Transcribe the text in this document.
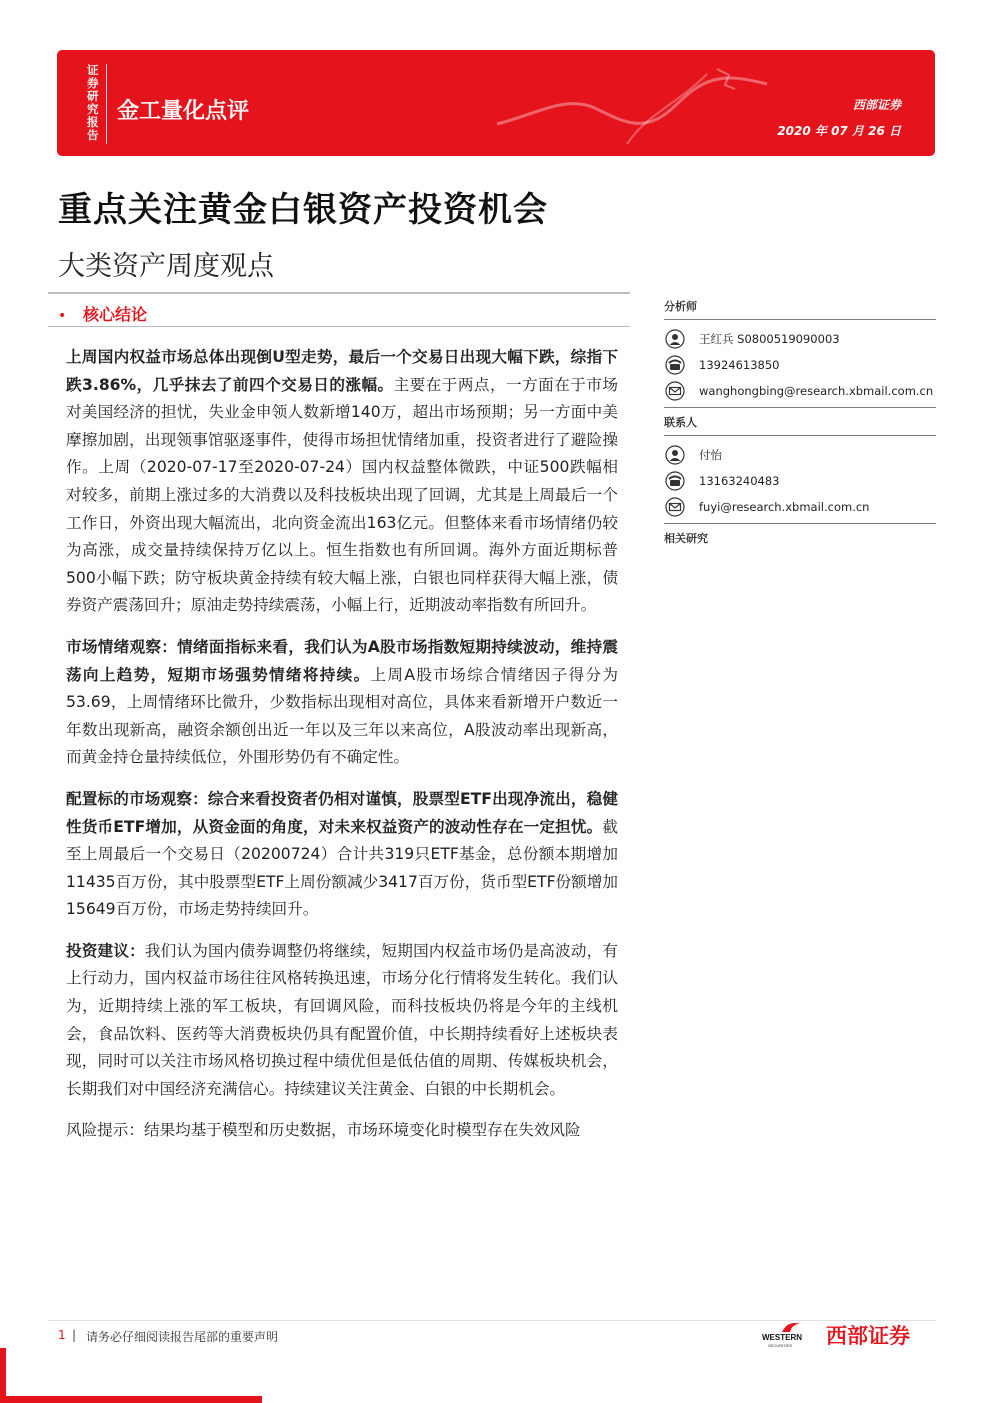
证券研究报告
金工量化点评	西部证券
2020 年 07 月 26 日
重点关注黄金白银资产投资机会
大类资产周度观点
• 核心结论

上周国内权益市场总体出现倒U型走势，最后一个交易日出现大幅下跌，综指下跌3.86%，几乎抹去了前四个交易日的涨幅。主要在于两点，一方面在于市场对美国经济的担忧，失业金申领人数新增140万，超出市场预期；另一方面中美摩擦加剧，出现领事馆驱逐事件，使得市场担忧情绪加重，投资者进行了避险操作。上周（2020-07-17至2020-07-24）国内权益整体微跌，中证500跌幅相对较多，前期上涨过多的大消费以及科技板块出现了回调，尤其是上周最后一个工作日，外资出现大幅流出，北向资金流出163亿元。但整体来看市场情绪仍较为高涨，成交量持续保持万亿以上。恒生指数也有所回调。海外方面近期标普500小幅下跌；防守板块黄金持续有较大幅上涨，白银也同样获得大幅上涨，债券资产震荡回升；原油走势持续震荡，小幅上行，近期波动率指数有所回升。

市场情绪观察：情绪面指标来看，我们认为A股市场指数短期持续波动，维持震荡向上趋势，短期市场强势情绪将持续。上周A股市场综合情绪因子得分为53.69，上周情绪环比微升，少数指标出现相对高位，具体来看新增开户数近一年数出现新高，融资余额创出近一年以及三年以来高位，A股波动率出现新高，而黄金持仓量持续低位，外围形势仍有不确定性。

配置标的市场观察：综合来看投资者仍相对谨慎，股票型ETF出现净流出，稳健性货币ETF增加，从资金面的角度，对未来权益资产的波动性存在一定担忧。截至上周最后一个交易日（20200724）合计共319只ETF基金，总份额本期增加11435百万份，其中股票型ETF上周份额减少3417百万份，货币型ETF份额增加15649百万份，市场走势持续回升。

投资建议：我们认为国内债券调整仍将继续，短期国内权益市场仍是高波动，有上行动力，国内权益市场往往风格转换迅速，市场分化行情将发生转化。我们认为，近期持续上涨的军工板块，有回调风险，而科技板块仍将是今年的主线机会，食品饮料、医药等大消费板块仍具有配置价值，中长期持续看好上述板块表现，同时可以关注市场风格切换过程中绩优但是低估值的周期、传媒板块机会，长期我们对中国经济充满信心。持续建议关注黄金、白银的中长期机会。

风险提示：结果均基于模型和历史数据，市场环境变化时模型存在失效风险

分析师
王红兵 S0800519090003
13924613850
wanghongbing@research.xbmail.com.cn
联系人
付怡
13163240483
fuyi@research.xbmail.com.cn
相关研究
1 | 请务必仔细阅读报告尾部的重要声明	WESTERN
SECURITIES 西部证券
